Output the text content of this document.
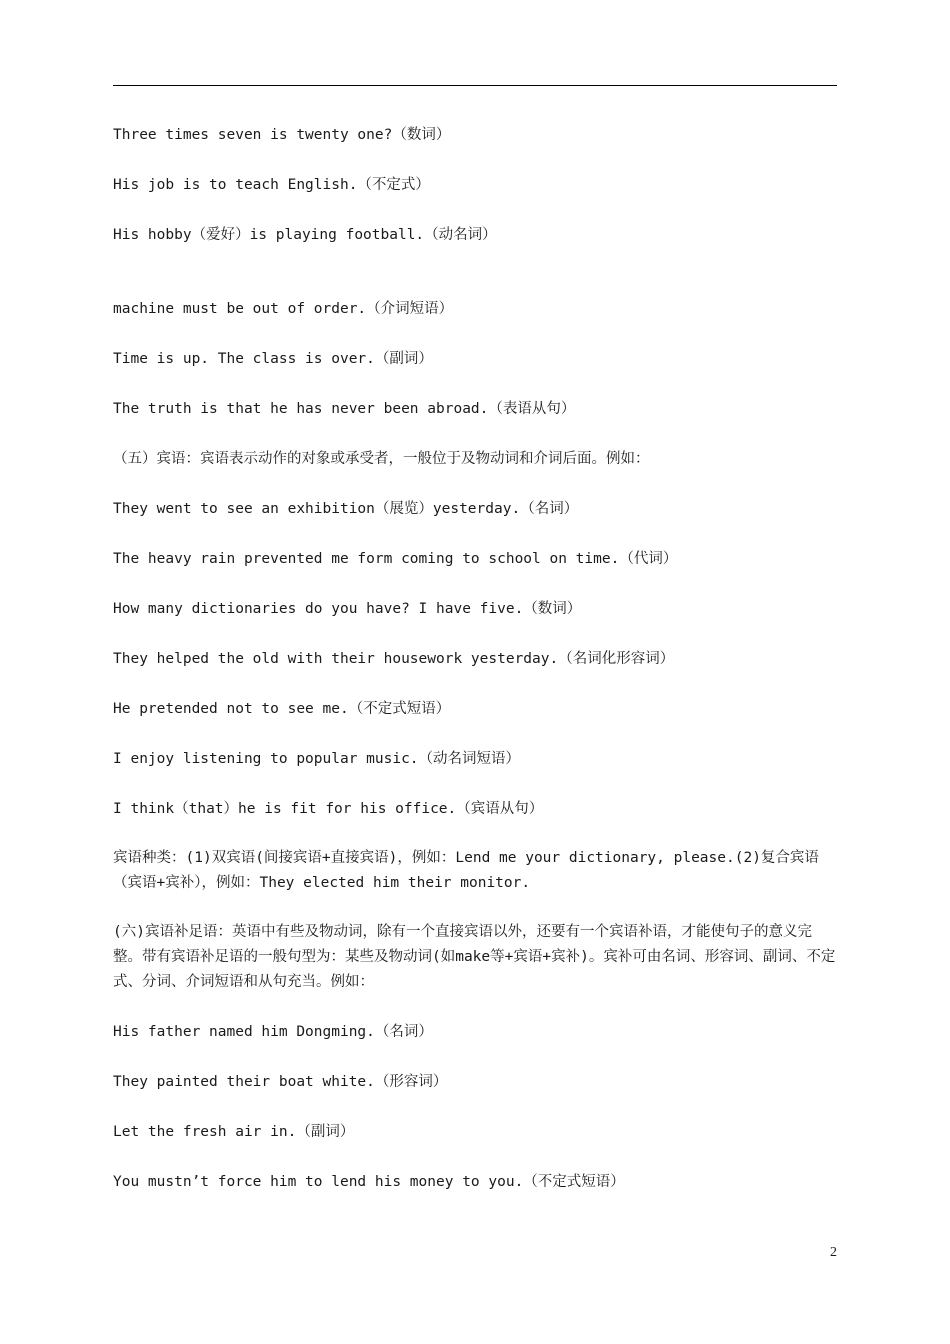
Three times seven is twenty one?（数词）
His job is to teach English.（不定式）
His hobby（爱好）is playing football.（动名词）
machine must be out of order.（介词短语）
Time is up. The class is over.（副词）
The truth is that he has never been abroad.（表语从句）
（五）宾语：宾语表示动作的对象或承受者，一般位于及物动词和介词后面。例如：
They went to see an exhibition（展览）yesterday.（名词）
The heavy rain prevented me form coming to school on time.（代词）
How many dictionaries do you have? I have five.（数词）
They helped the old with their housework yesterday.（名词化形容词）
He pretended not to see me.（不定式短语）
I enjoy listening to popular music.（动名词短语）
I think（that）he is fit for his office.（宾语从句）
宾语种类：(1)双宾语(间接宾语+直接宾语)，例如：Lend me your dictionary, please.(2)复合宾语（宾语+宾补），例如：They elected him their monitor.
(六)宾语补足语：英语中有些及物动词，除有一个直接宾语以外，还要有一个宾语补语，才能使句子的意义完整。带有宾语补足语的一般句型为：某些及物动词(如make等+宾语+宾补)。宾补可由名词、形容词、副词、不定式、分词、介词短语和从句充当。例如：
His father named him Dongming.（名词）
They painted their boat white.（形容词）
Let the fresh air in.（副词）
You mustn’t force him to lend his money to you.（不定式短语）
2
